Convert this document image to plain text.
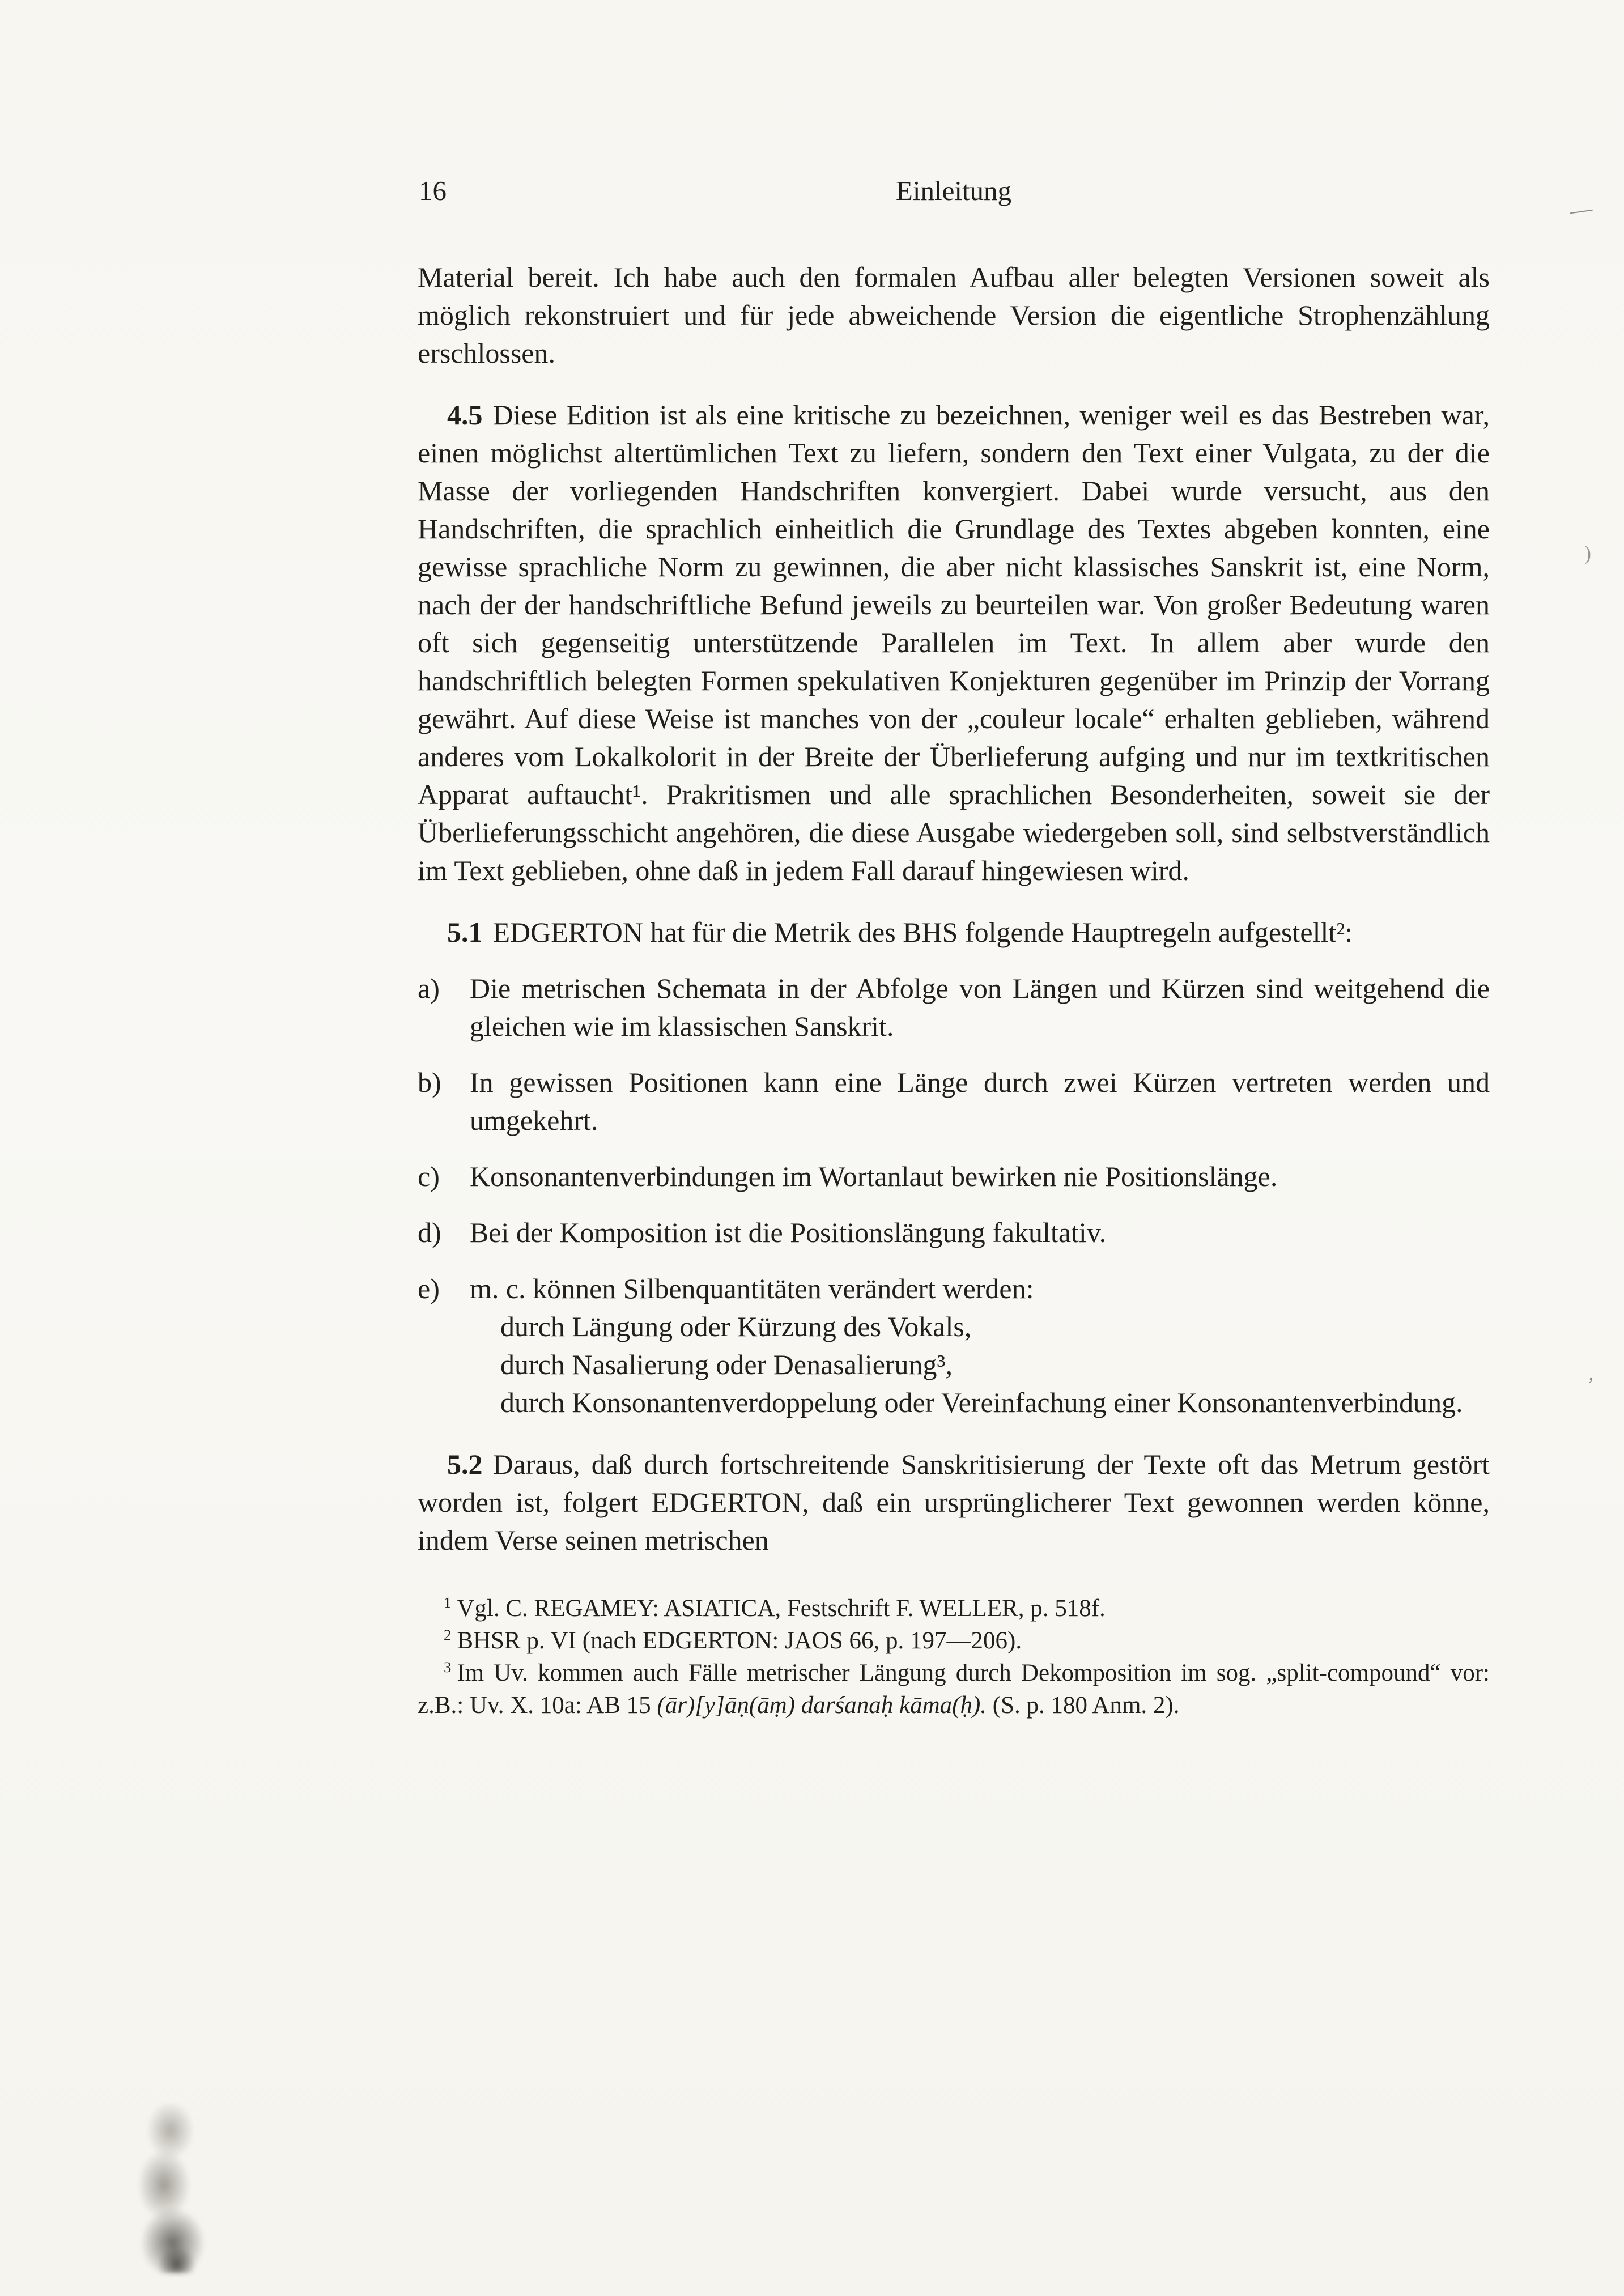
16	Einleitung

Material bereit. Ich habe auch den formalen Aufbau aller belegten Versionen soweit als möglich rekonstruiert und für jede abweichende Version die eigentliche Strophenzählung erschlossen.

4.5 Diese Edition ist als eine kritische zu bezeichnen, weniger weil es das Bestreben war, einen möglichst altertümlichen Text zu liefern, sondern den Text einer Vulgata, zu der die Masse der vorliegenden Handschriften konvergiert. Dabei wurde versucht, aus den Handschriften, die sprachlich einheitlich die Grundlage des Textes abgeben konnten, eine gewisse sprachliche Norm zu gewinnen, die aber nicht klassisches Sanskrit ist, eine Norm, nach der der handschriftliche Befund jeweils zu beurteilen war. Von großer Bedeutung waren oft sich gegenseitig unterstützende Parallelen im Text. In allem aber wurde den handschriftlich belegten Formen spekulativen Konjekturen gegenüber im Prinzip der Vorrang gewährt. Auf diese Weise ist manches von der „couleur locale“ erhalten geblieben, während anderes vom Lokalkolorit in der Breite der Überlieferung aufging und nur im textkritischen Apparat auftaucht¹. Prakritismen und alle sprachlichen Besonderheiten, soweit sie der Überlieferungsschicht angehören, die diese Ausgabe wiedergeben soll, sind selbstverständlich im Text geblieben, ohne daß in jedem Fall darauf hingewiesen wird.

5.1 EDGERTON hat für die Metrik des BHS folgende Hauptregeln aufgestellt²:

a)	Die metrischen Schemata in der Abfolge von Längen und Kürzen sind weitgehend die gleichen wie im klassischen Sanskrit.
b)	In gewissen Positionen kann eine Länge durch zwei Kürzen vertreten werden und umgekehrt.
c)	Konsonantenverbindungen im Wortanlaut bewirken nie Positionslänge.
d)	Bei der Komposition ist die Positionslängung fakultativ.
e)	m. c. können Silbenquantitäten verändert werden:
durch Längung oder Kürzung des Vokals,
durch Nasalierung oder Denasalierung³,
durch Konsonantenverdoppelung oder Vereinfachung einer Konsonantenverbindung.

5.2 Daraus, daß durch fortschreitende Sanskritisierung der Texte oft das Metrum gestört worden ist, folgert EDGERTON, daß ein ursprünglicherer Text gewonnen werden könne, indem Verse seinen metrischen

$^1$ Vgl. C. REGAMEY: ASIATICA, Festschrift F. WELLER, p. 518f.

$^2$ BHSR p. VI (nach EDGERTON: JAOS 66, p. 197—206).

$^3$ Im Uv. kommen auch Fälle metrischer Längung durch Dekomposition im sog. „split-compound“ vor: z.B.: Uv. X. 10a: AB 15 (ār)[y]āṇ(āṃ) darśanaḥ kāma(ḥ). (S. p. 180 Anm. 2).

—
’
)
